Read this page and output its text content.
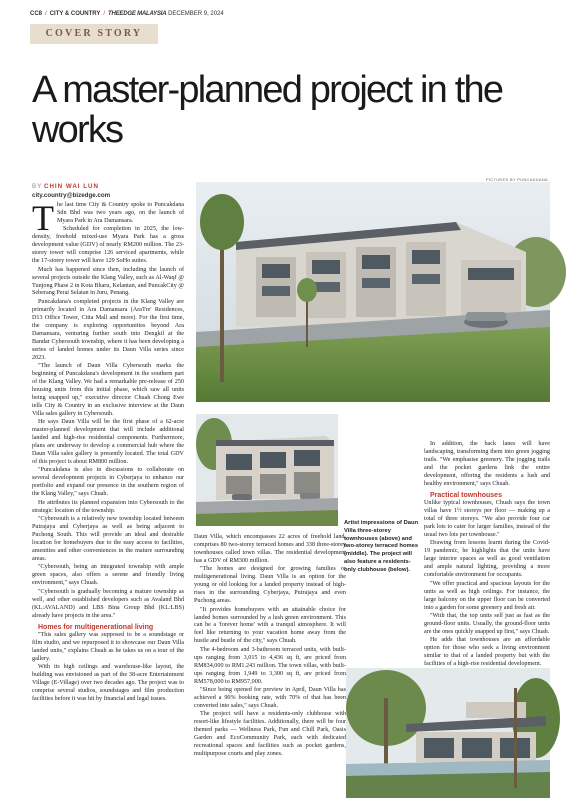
CC8 / CITY & COUNTRY / THEEDGE MALAYSIA DECEMBER 9, 2024
COVER STORY
A master-planned project in the works
BY CHIN WAI LUN
city.country@bizedge.com
PICTURES BY PUNCAKDANA

The last time City & Country spoke to Puncakdana Sdn Bhd was two years ago, on the launch of Myara Park in Ara Damansara.

Scheduled for completion in 2025, the low-density, freehold mixed-use Myara Park has a gross development value (GDV) of nearly RM200 million. The 23-storey tower will comprise 126 serviced apartments, while the 17-storey tower will have 129 SoHo suites.

Much has happened since then, including the launch of several projects outside the Klang Valley, such as Al-Waqf @ Tunjong Phase 2 in Kota Bharu, Kelantan, and PuncakCity @ Seberang Perai Selatan in Juru, Penang.

Puncakdana's completed projects in the Klang Valley are primarily located in Ara Damansara (AraTre' Residences, D13 Office Tower, Citta Mall and more). For the first time, the company is exploring opportunities beyond Ara Damansara, venturing further south into Dengkil at the Bandar Cybersouth township, where it has been developing a series of landed homes under its Daun Villa series since 2023.

"The launch of Daun Villa Cybersouth marks the beginning of Puncakdana's development in the southern part of the Klang Valley. We had a remarkable pre-release of 250 housing units from this initial phase, which saw all units being snapped up," executive director Chuah Chong Ewe tells City & Country in an exclusive interview at the Daun Villa sales gallery in Cybersouth.

He says Daun Villa will be the first phase of a 62-acre master-planned development that will include additional landed and high-rise residential components. Furthermore, plans are underway to develop a commercial hub where the Daun Villa sales gallery is presently located. The total GDV of this project is about RM800 million.

"Puncakdana is also in discussions to collaborate on several development projects in Cyberjaya to enhance our portfolio and expand our presence in the southern region of the Klang Valley," says Chuah.

He attributes its planned expansion into Cybersouth to the strategic location of the township.

"Cybersouth is a relatively new township located between Putrajaya and Cyberjaya as well as being adjacent to Puchong South. This will provide an ideal and desirable location for homebuyers due to the easy access to facilities, amenities and other conveniences in the mature surrounding areas.

"Cybersouth, being an integrated township with ample green spaces, also offers a serene and friendly living environment," says Chuah.

"Cybersouth is gradually becoming a mature township as well, and other established developers such as Avaland Bhd (KL:AVALAND) and LBS Bina Group Bhd (KL:LBS) already have projects in the area."

Homes for multigenerational living

"This sales gallery was supposed to be a soundstage or film studio, and we repurposed it to showcase our Daun Villa landed units," explains Chuah as he takes us on a tour of the gallery.

With its high ceilings and warehouse-like layout, the building was envisioned as part of the 38-acre Entertainment Village (E-Village) over two decades ago. The project was to comprise several studios, soundstages and film production facilities before it was hit by financial and legal issues.

Artist impressions of Daun Villa three-storey townhouses (above) and two-storey terraced homes (middle). The project will also feature a residents-only clubhouse (below).

Daun Villa, which encompasses 22 acres of freehold land, comprises 80 two-storey terraced homes and 338 three-storey townhouses called town villas. The residential development has a GDV of RM300 million.

"The homes are designed for growing families or multigenerational living. Daun Villa is an option for the young or old looking for a landed property instead of high-rises in the surrounding Cyberjaya, Putrajaya and even Puchong areas.

"It provides homebuyers with an attainable choice for landed homes surrounded by a lush green environment. This can be a 'forever home' with a tranquil atmosphere. It will feel like returning to your vacation home away from the hustle and bustle of the city," says Chuah.

The 4-bedroom and 3-bathroom terraced units, with built-ups ranging from 3,015 to 4,436 sq ft, are priced from RM834,000 to RM1.243 million. The town villas, with built-ups ranging from 1,949 to 3,300 sq ft, are priced from RM578,000 to RM957,000.

"Since being opened for preview in April, Daun Villa has achieved a 90% booking rate, with 70% of that has been converted into sales," says Chuah.

The project will have a residents-only clubhouse with resort-like lifestyle facilities. Additionally, there will be four themed parks — Wellness Park, Fun and Chill Park, Oasis Garden and EcoCommunity Park, each with dedicated recreational spaces and facilities such as pocket gardens, multipurpose courts and play zones.

In addition, the back lanes will have landscaping, transforming them into green jogging trails. "We emphasise greenery. The jogging trails and the pocket gardens link the entire development, offering the residents a lush and healthy environment," says Chuah.

Practical townhouses

Unlike typical townhouses, Chuah says the town villas have 1½ storeys per floor — making up a total of three storeys. "We also provide four car park lots to cater for larger families, instead of the usual two lots per townhouse."

Drawing from lessons learnt during the Covid-19 pandemic, he highlights that the units have large interior spaces as well as good ventilation and ample natural lighting, providing a more comfortable environment for occupants.

"We offer practical and spacious layouts for the units as well as high ceilings. For instance, the large balcony on the upper floor can be converted into a garden for some greenery and fresh air.

"With that, the top units sell just as fast as the ground-floor units. Usually, the ground-floor units are the ones quickly snapped up first," says Chuah.

He adds that townhouses are an affordable option for those who seek a living environment similar to that of a landed property but with the facilities of a high-rise residential development.
